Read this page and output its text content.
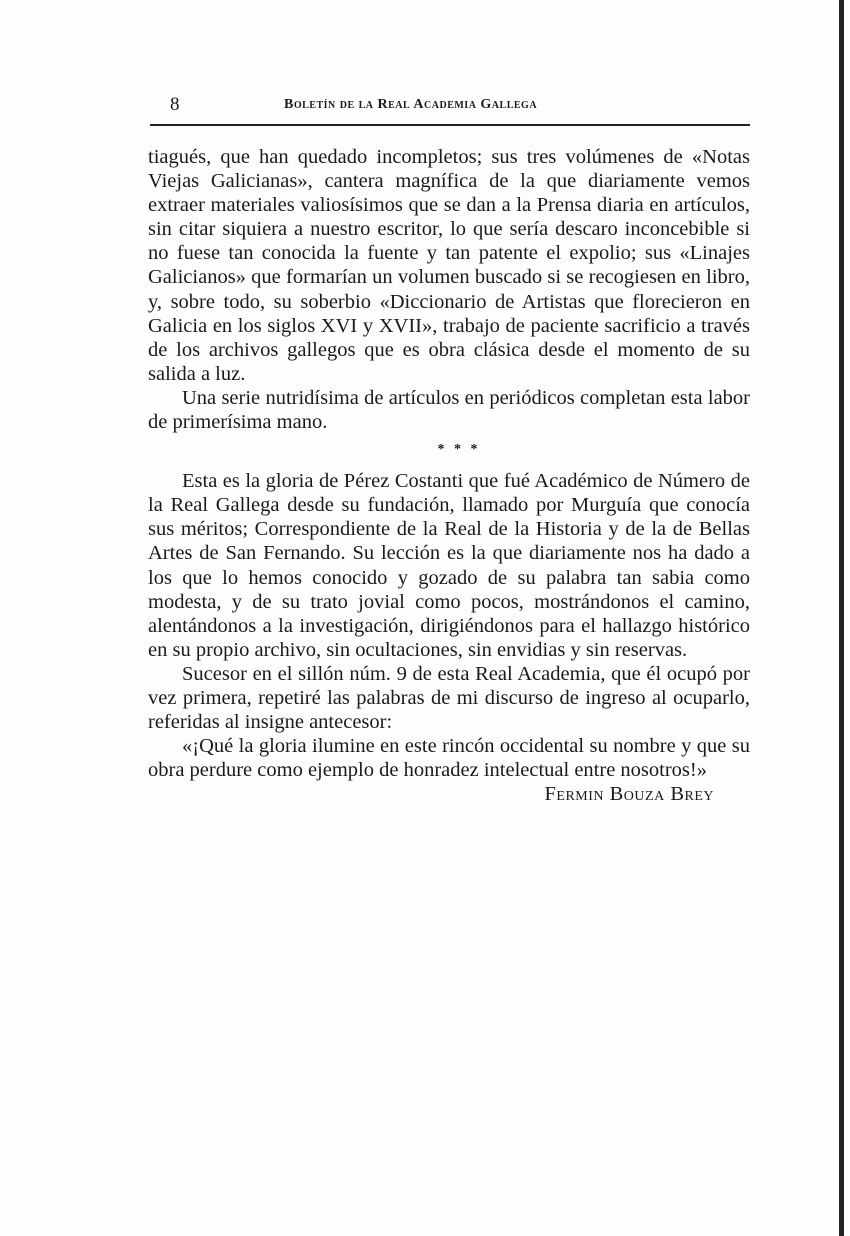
8	Boletín de la Real Academia Gallega

tiagués, que han quedado incompletos; sus tres volúmenes de «Notas Viejas Galicianas», cantera magnífica de la que diariamente vemos extraer materiales valiosísimos que se dan a la Prensa diaria en artículos, sin citar siquiera a nuestro escritor, lo que sería descaro inconcebible si no fuese tan conocida la fuente y tan patente el expolio; sus «Linajes Galicianos» que formarían un volumen buscado si se recogiesen en libro, y, sobre todo, su soberbio «Diccionario de Artistas que florecieron en Galicia en los siglos XVI y XVII», trabajo de paciente sacrificio a través de los archivos gallegos que es obra clásica desde el momento de su salida a luz.

Una serie nutridísima de artículos en periódicos completan esta labor de primerísima mano.

* * *

Esta es la gloria de Pérez Costanti que fué Académico de Número de la Real Gallega desde su fundación, llamado por Murguía que conocía sus méritos; Correspondiente de la Real de la Historia y de la de Bellas Artes de San Fernando. Su lección es la que diariamente nos ha dado a los que lo hemos conocido y gozado de su palabra tan sabia como modesta, y de su trato jovial como pocos, mostrándonos el camino, alentándonos a la investigación, dirigiéndonos para el hallazgo histórico en su propio archivo, sin ocultaciones, sin envidias y sin reservas.

Sucesor en el sillón núm. 9 de esta Real Academia, que él ocupó por vez primera, repetiré las palabras de mi discurso de ingreso al ocuparlo, referidas al insigne antecesor:

«¡Qué la gloria ilumine en este rincón occidental su nombre y que su obra perdure como ejemplo de honradez intelectual entre nosotros!»

Fermin Bouza Brey
